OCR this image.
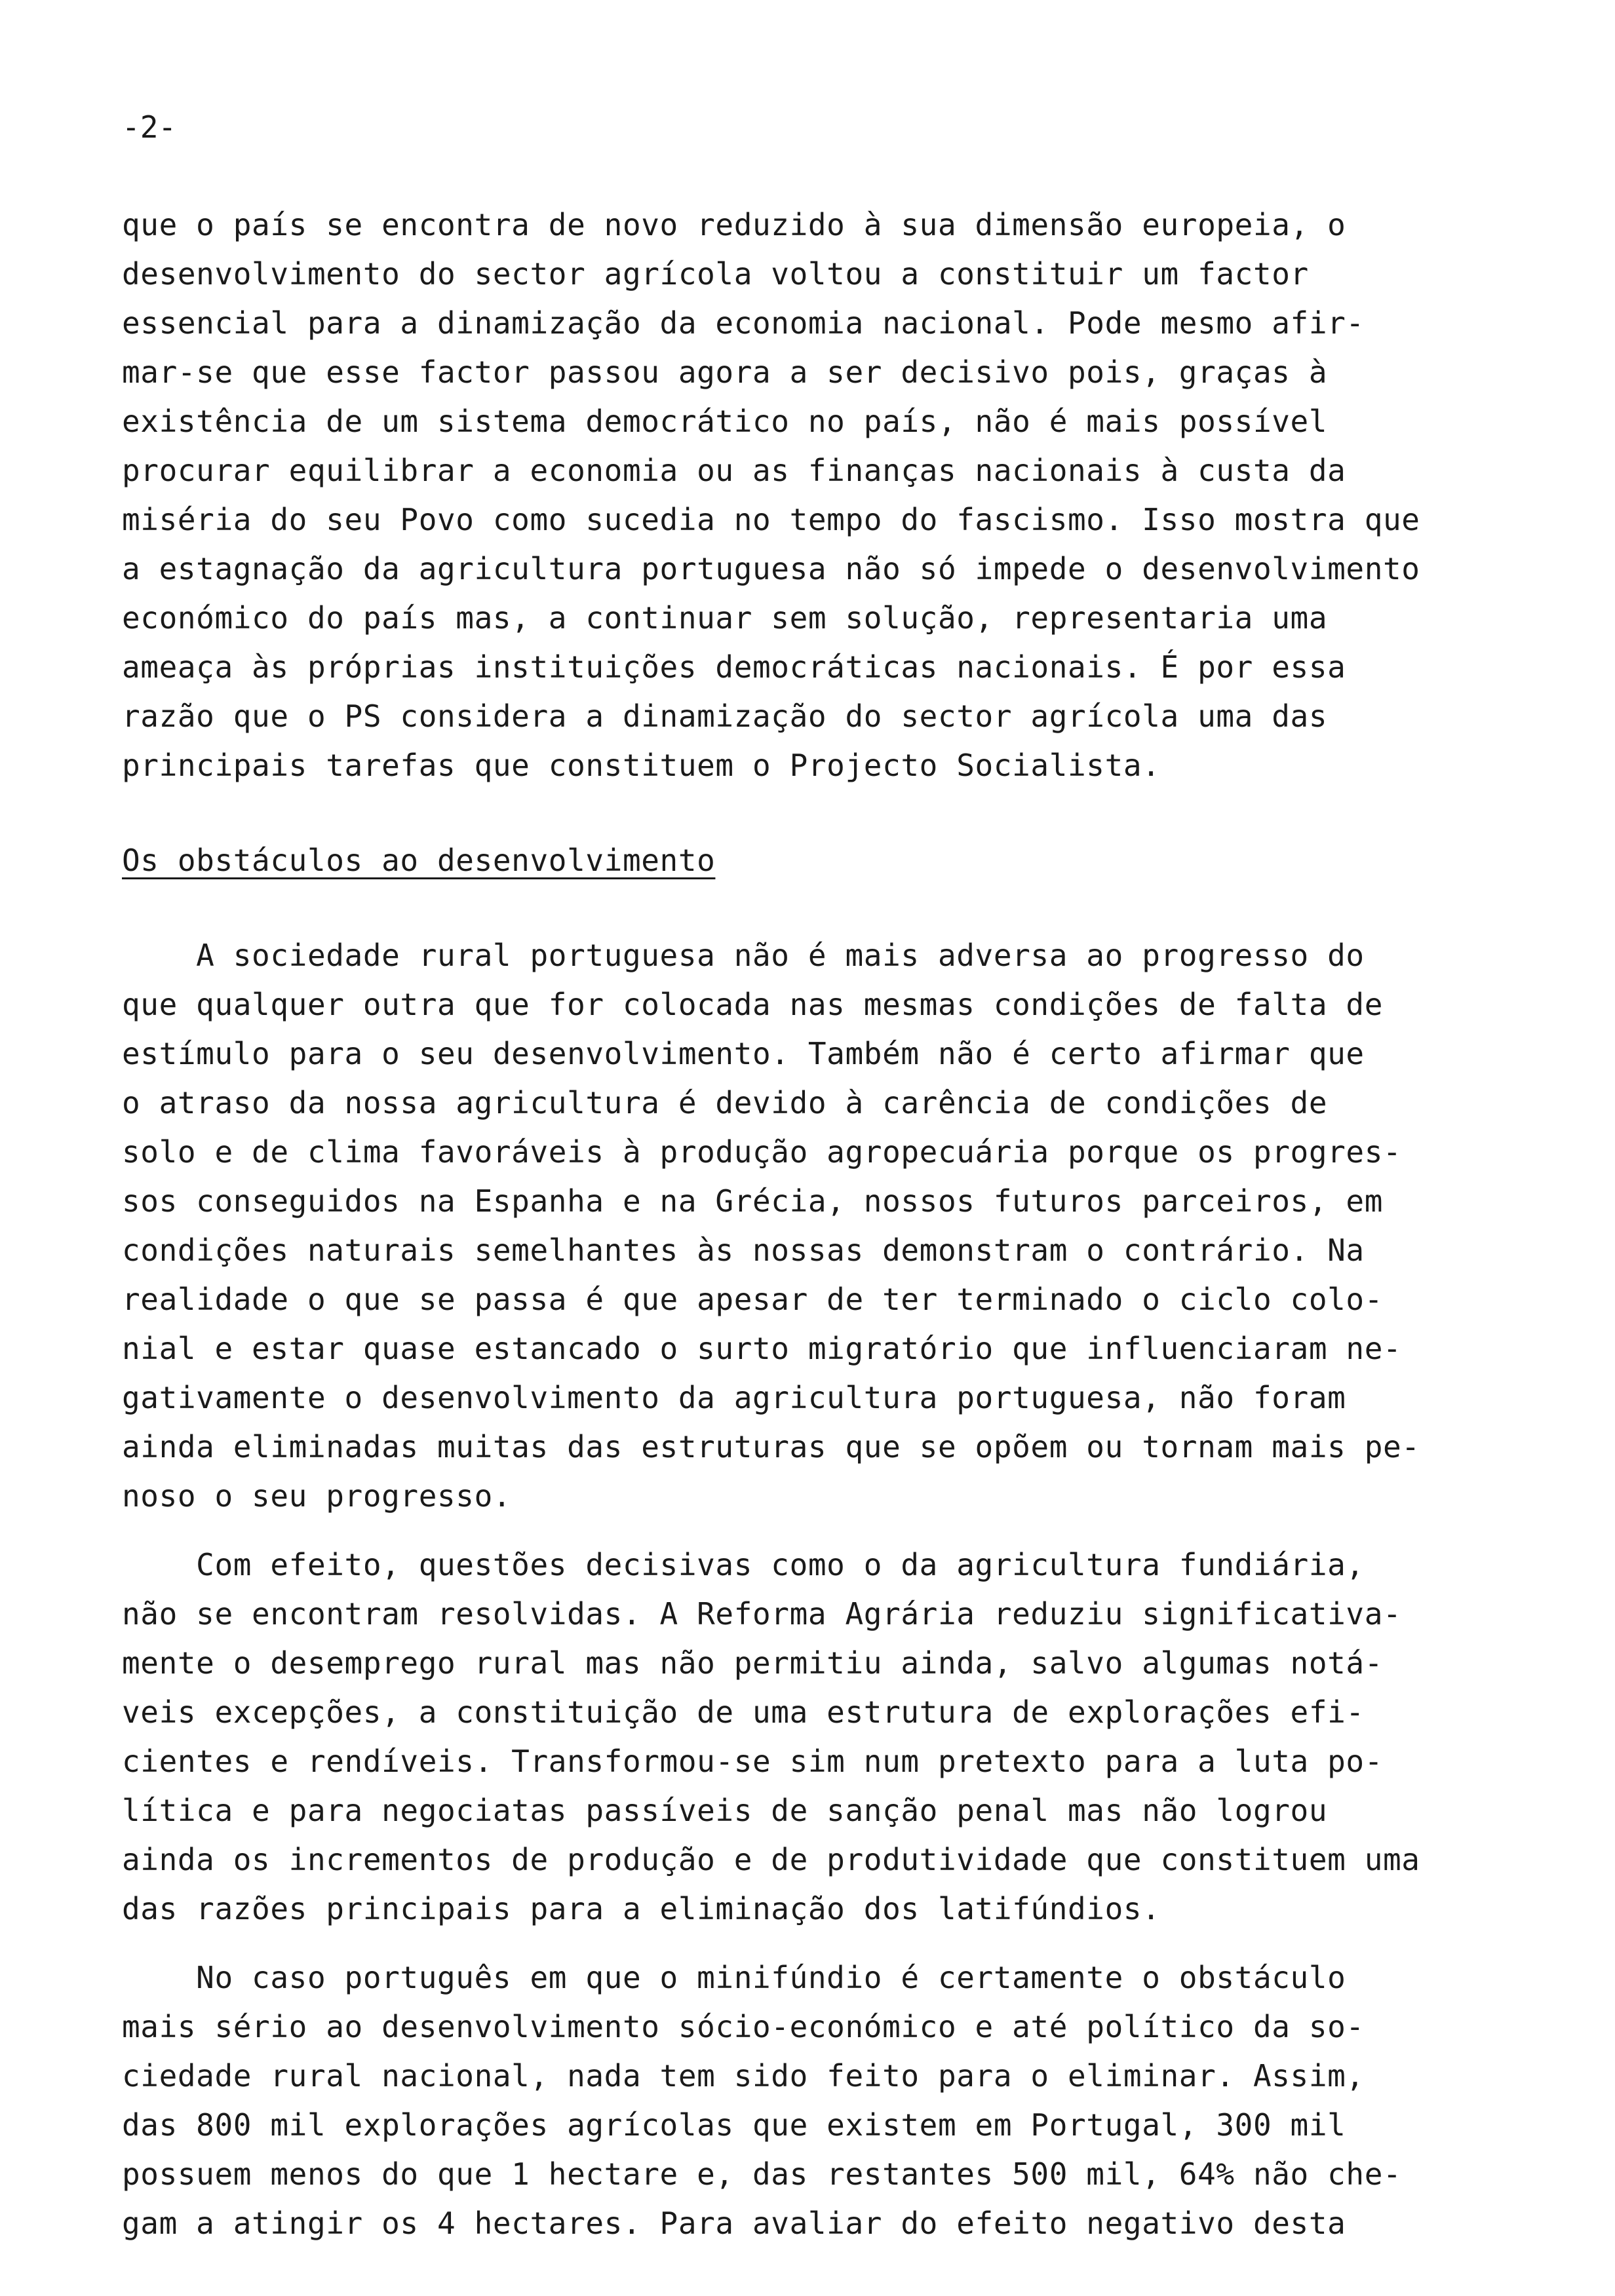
-2-

que o país se encontra de novo reduzido à sua dimensão europeia, o

desenvolvimento do sector agrícola voltou a constituir um factor

essencial para a dinamização da economia nacional. Pode mesmo afir-

mar-se que esse factor passou agora a ser decisivo pois, graças à

existência de um sistema democrático no país, não é mais possível

procurar equilibrar a economia ou as finanças nacionais à custa da

miséria do seu Povo como sucedia no tempo do fascismo. Isso mostra que

a estagnação da agricultura portuguesa não só impede o desenvolvimento

económico do país mas, a continuar sem solução, representaria uma

ameaça às próprias instituições democráticas nacionais. É por essa

razão que o PS considera a dinamização do sector agrícola uma das

principais tarefas que constituem o Projecto Socialista.

Os obstáculos ao desenvolvimento

A sociedade rural portuguesa não é mais adversa ao progresso do

que qualquer outra que for colocada nas mesmas condições de falta de

estímulo para o seu desenvolvimento. Também não é certo afirmar que

o atraso da nossa agricultura é devido à carência de condições de

solo e de clima favoráveis à produção agropecuária porque os progres-

sos conseguidos na Espanha e na Grécia, nossos futuros parceiros, em

condições naturais semelhantes às nossas demonstram o contrário. Na

realidade o que se passa é que apesar de ter terminado o ciclo colo-

nial e estar quase estancado o surto migratório que influenciaram ne-

gativamente o desenvolvimento da agricultura portuguesa, não foram

ainda eliminadas muitas das estruturas que se opõem ou tornam mais pe-

noso o seu progresso.

Com efeito, questões decisivas como o da agricultura fundiária,

não se encontram resolvidas. A Reforma Agrária reduziu significativa-

mente o desemprego rural mas não permitiu ainda, salvo algumas notá-

veis excepções, a constituição de uma estrutura de explorações efi-

cientes e rendíveis. Transformou-se sim num pretexto para a luta po-

lítica e para negociatas passíveis de sanção penal mas não logrou

ainda os incrementos de produção e de produtividade que constituem uma

das razões principais para a eliminação dos latifúndios.

No caso português em que o minifúndio é certamente o obstáculo

mais sério ao desenvolvimento sócio-económico e até político da so-

ciedade rural nacional, nada tem sido feito para o eliminar. Assim,

das 800 mil explorações agrícolas que existem em Portugal, 300 mil

possuem menos do que 1 hectare e, das restantes 500 mil, 64% não che-

gam a atingir os 4 hectares. Para avaliar do efeito negativo desta
